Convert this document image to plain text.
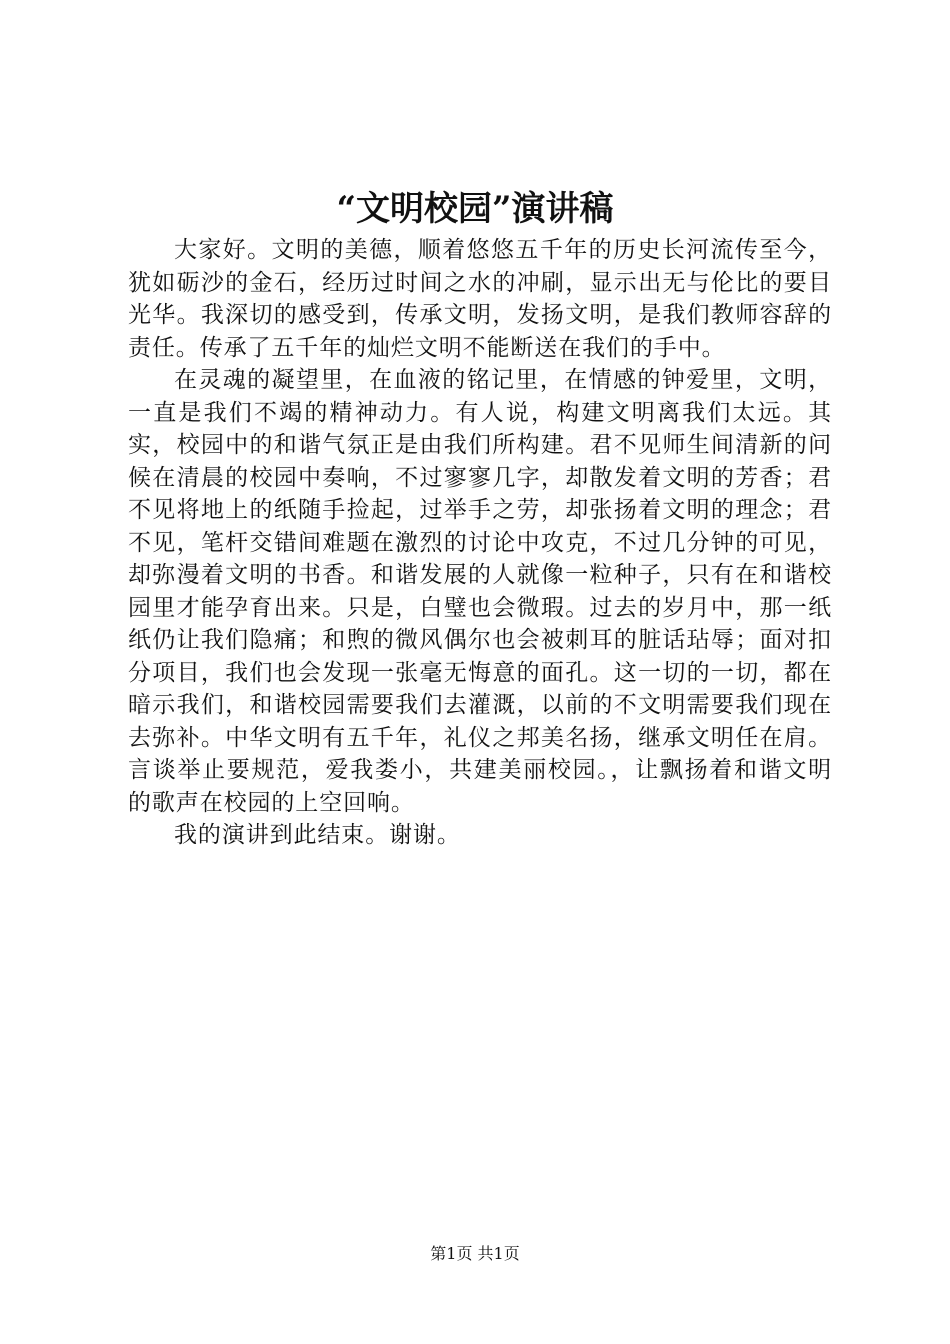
“文明校园”演讲稿

大家好。文明的美德，顺着悠悠五千年的历史长河流传至今，犹如砺沙的金石，经历过时间之水的冲刷，显示出无与伦比的要目光华。我深切的感受到，传承文明，发扬文明，是我们教师容辞的责任。传承了五千年的灿烂文明不能断送在我们的手中。

在灵魂的凝望里，在血液的铭记里，在情感的钟爱里，文明，一直是我们不竭的精神动力。有人说，构建文明离我们太远。其实，校园中的和谐气氛正是由我们所构建。君不见师生间清新的问候在清晨的校园中奏响，不过寥寥几字，却散发着文明的芳香；君不见将地上的纸随手捡起，过举手之劳，却张扬着文明的理念；君不见，笔杆交错间难题在激烈的讨论中攻克，不过几分钟的可见，却弥漫着文明的书香。和谐发展的人就像一粒种子，只有在和谐校园里才能孕育出来。只是，白璧也会微瑕。过去的岁月中，那一纸纸仍让我们隐痛；和煦的微风偶尔也会被刺耳的脏话玷辱；面对扣分项目，我们也会发现一张毫无悔意的面孔。这一切的一切，都在暗示我们，和谐校园需要我们去灌溉，以前的不文明需要我们现在去弥补。中华文明有五千年，礼仪之邦美名扬，继承文明任在肩。言谈举止要规范，爱我娄小，共建美丽校园。，让飘扬着和谐文明的歌声在校园的上空回响。

我的演讲到此结束。谢谢。

第1页 共1页
